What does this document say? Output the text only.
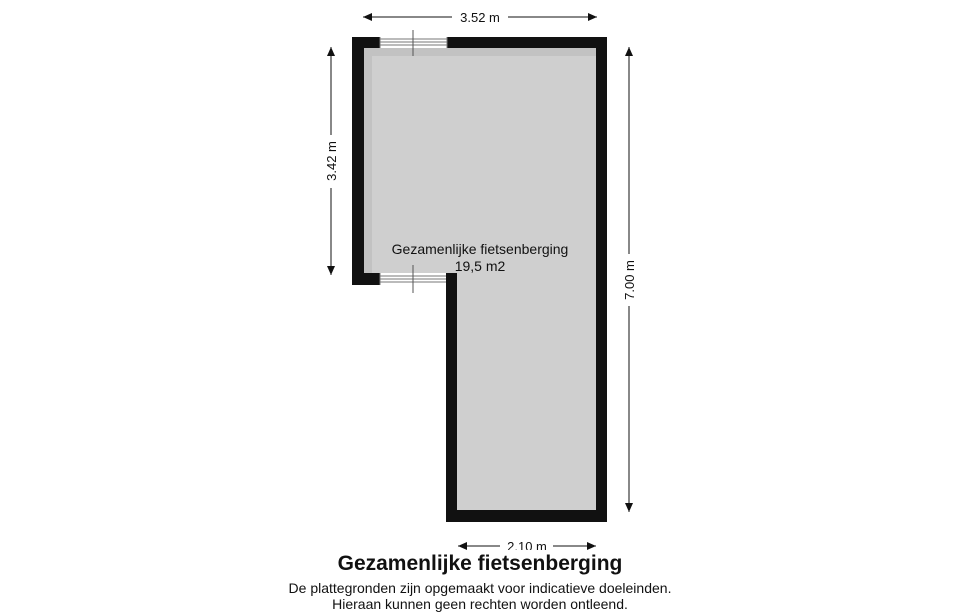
Gezamenlijke fietsenberging
19,5 m2
3.52 m
3.42 m
7.00 m
2.10 m
Gezamenlijke fietsenberging
De plattegronden zijn opgemaakt voor indicatieve doeleinden.
Hieraan kunnen geen rechten worden ontleend.
